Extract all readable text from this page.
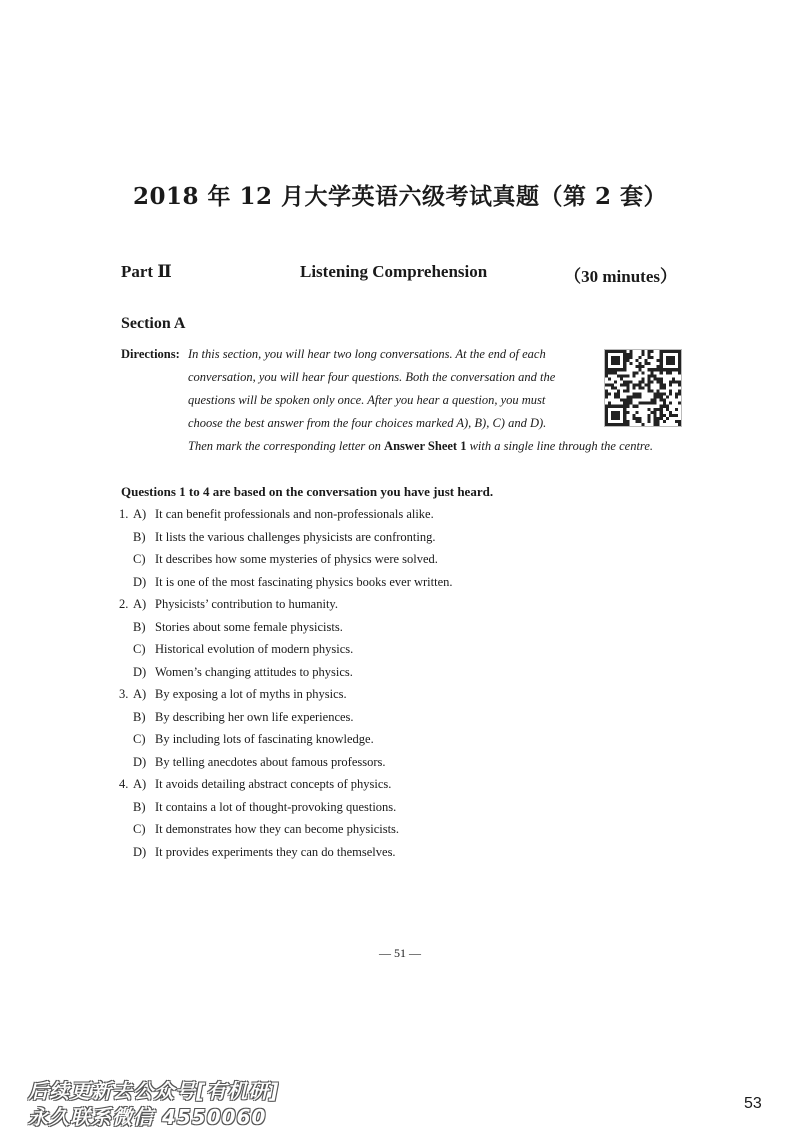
2018 年 12 月大学英语六级考试真题（第 2 套）
Part Ⅱ	Listening Comprehension	（30 minutes）
Section A
Directions: In this section, you will hear two long conversations. At the end of each
conversation, you will hear four questions. Both the conversation and the
questions will be spoken only once. After you hear a question, you must
choose the best answer from the four choices marked A), B), C) and D).
Then mark the corresponding letter on Answer Sheet 1 with a single line through the centre.
Questions 1 to 4 are based on the conversation you have just heard.
1. A) It can benefit professionals and non-professionals alike.
B) It lists the various challenges physicists are confronting.
C) It describes how some mysteries of physics were solved.
D) It is one of the most fascinating physics books ever written.
2. A) Physicists’ contribution to humanity.
B) Stories about some female physicists.
C) Historical evolution of modern physics.
D) Women’s changing attitudes to physics.
3. A) By exposing a lot of myths in physics.
B) By describing her own life experiences.
C) By including lots of fascinating knowledge.
D) By telling anecdotes about famous professors.
4. A) It avoids detailing abstract concepts of physics.
B) It contains a lot of thought-provoking questions.
C) It demonstrates how they can become physicists.
D) It provides experiments they can do themselves.
— 51 —
53
后续更新去公众号[有机研]
永久联系微信 4550060
